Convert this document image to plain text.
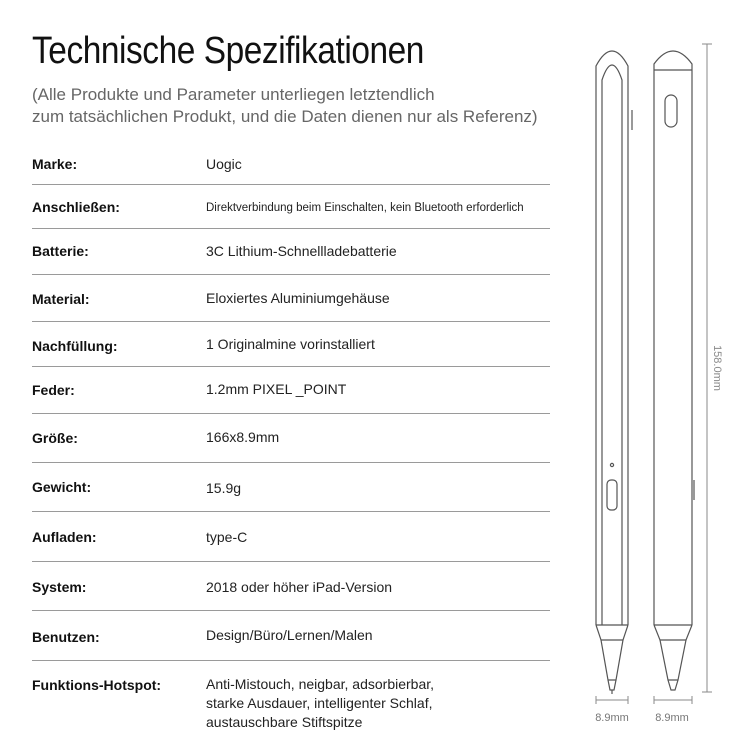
Technische Spezifikationen
(Alle Produkte und Parameter unterliegen letztendlich
zum tatsächlichen Produkt, und die Daten dienen nur als Referenz)
Marke:	Uogic
Anschließen:	Direktverbindung beim Einschalten, kein Bluetooth erforderlich
Batterie:	3C Lithium-Schnellladebatterie
Material:	Eloxiertes Aluminiumgehäuse
Nachfüllung:	1 Originalmine vorinstalliert
Feder:	1.2mm PIXEL _POINT
Größe:	166x8.9mm
Gewicht:	15.9g
Aufladen:	type-C
System:	2018 oder höher iPad-Version
Benutzen:	Design/Büro/Lernen/Malen
Funktions-Hotspot:	Anti-Mistouch, neigbar, adsorbierbar,
starke Ausdauer, intelligenter Schlaf,
austauschbare Stiftspitze
158.0mm
8.9mm 8.9mm
